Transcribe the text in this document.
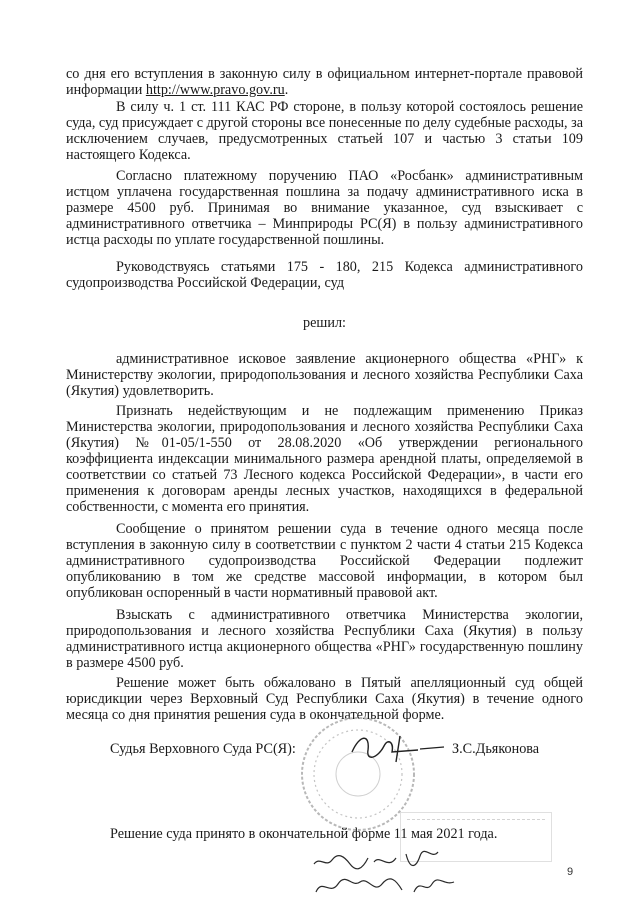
со дня его вступления в законную силу в официальном интернет-портале правовой информации http://www.pravo.gov.ru.

В силу ч. 1 ст. 111 КАС РФ стороне, в пользу которой состоялось решение суда, суд присуждает с другой стороны все понесенные по делу судебные расходы, за исключением случаев, предусмотренных статьей 107 и частью 3 статьи 109 настоящего Кодекса.

Согласно платежному поручению ПАО «Росбанк» административным истцом уплачена государственная пошлина за подачу административного иска в размере 4500 руб. Принимая во внимание указанное, суд взыскивает с административного ответчика – Минприроды РС(Я) в пользу административного истца расходы по уплате государственной пошлины.

Руководствуясь статьями 175 - 180, 215 Кодекса административного судопроизводства Российской Федерации, суд

решил:

административное исковое заявление акционерного общества «РНГ» к Министерству экологии, природопользования и лесного хозяйства Республики Саха (Якутия) удовлетворить.

Признать недействующим и не подлежащим применению Приказ Министерства экологии, природопользования и лесного хозяйства Республики Саха (Якутия) №01-05/1-550 от 28.08.2020 «Об утверждении регионального коэффициента индексации минимального размера арендной платы, определяемой в соответствии со статьей 73 Лесного кодекса Российской Федерации», в части его применения к договорам аренды лесных участков, находящихся в федеральной собственности, с момента его принятия.

Сообщение о принятом решении суда в течение одного месяца после вступления в законную силу в соответствии с пунктом 2 части 4 статьи 215 Кодекса административного судопроизводства Российской Федерации подлежит опубликованию в том же средстве массовой информации, в котором был опубликован оспоренный в части нормативный правовой акт.

Взыскать с административного ответчика Министерства экологии, природопользования и лесного хозяйства Республики Саха (Якутия) в пользу административного истца акционерного общества «РНГ» государственную пошлину в размере 4500 руб.

Решение может быть обжаловано в Пятый апелляционный суд общей юрисдикции через Верховный Суд Республики Саха (Якутия) в течение одного месяца со дня принятия решения суда в окончательной форме.

Судья Верховного Суда РС(Я):	З.С.Дьяконова

Решение суда принято в окончательной форме 11 мая 2021 года.

9
